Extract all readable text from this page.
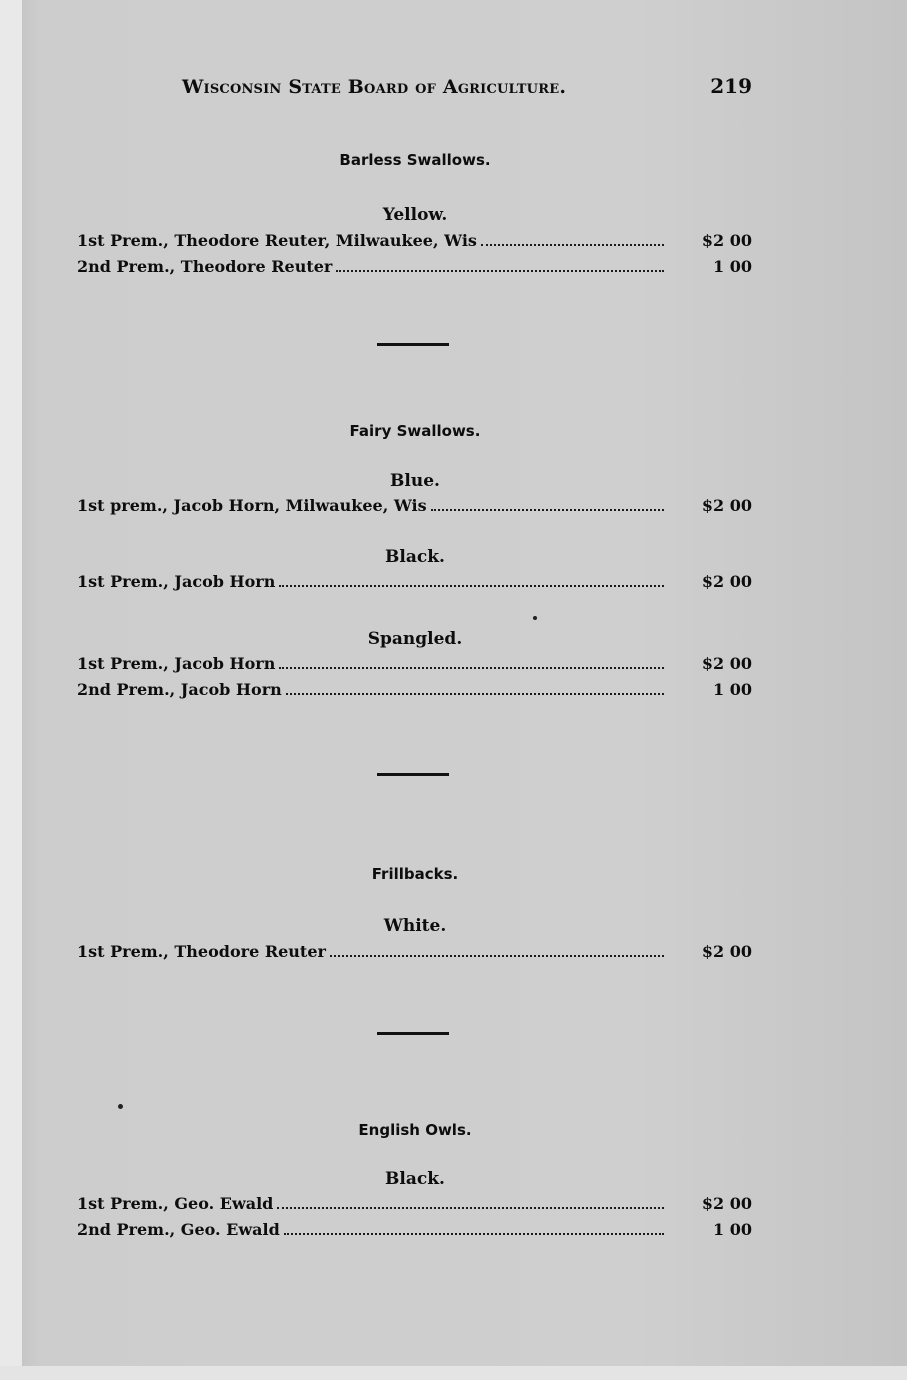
Wisconsin State Board of Agriculture.	219
Barless Swallows.
Yellow.
1st Prem., Theodore Reuter, Milwaukee, Wis	$2 00
2nd Prem., Theodore Reuter	1 00
Fairy Swallows.
Blue.
1st prem., Jacob Horn, Milwaukee, Wis	$2 00
Black.
1st Prem., Jacob Horn	$2 00
Spangled.
1st Prem., Jacob Horn	$2 00
2nd Prem., Jacob Horn	1 00
Frillbacks.
White.
1st Prem., Theodore Reuter	$2 00
English Owls.
Black.
1st Prem., Geo. Ewald	$2 00
2nd Prem., Geo. Ewald	1 00
